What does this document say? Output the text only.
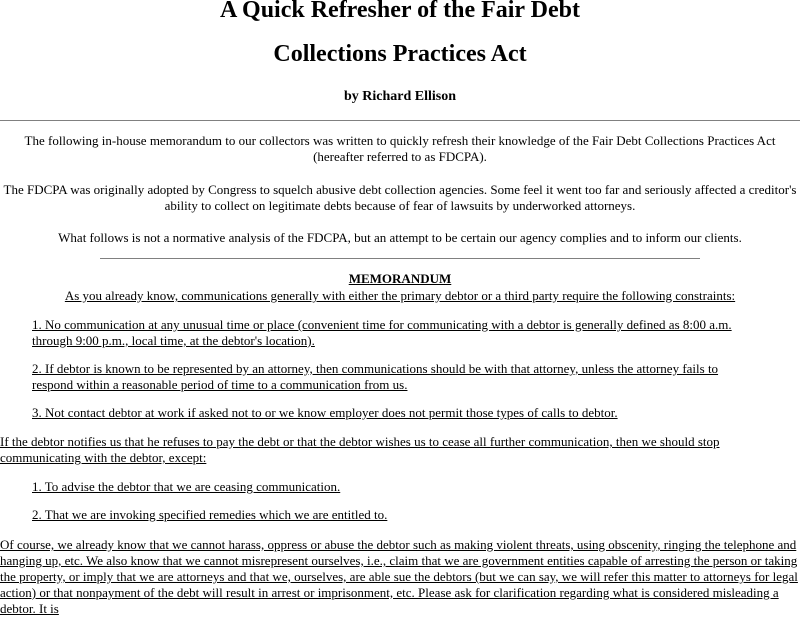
A Quick Refresher of the Fair Debt
Collections Practices Act
by Richard Ellison

The following in-house memorandum to our collectors was written to quickly refresh their knowledge of the Fair Debt Collections Practices Act (hereafter referred to as FDCPA).

The FDCPA was originally adopted by Congress to squelch abusive debt collection agencies. Some feel it went too far and seriously affected a creditor's ability to collect on legitimate debts because of fear of lawsuits by underworked attorneys.

What follows is not a normative analysis of the FDCPA, but an attempt to be certain our agency complies and to inform our clients.

MEMORANDUM
As you already know, communications generally with either the primary debtor or a third party require the following constraints:
1. No communication at any unusual time or place (convenient time for communicating with a debtor is generally defined as 8:00 a.m. through 9:00 p.m., local time, at the debtor's location).
2. If debtor is known to be represented by an attorney, then communications should be with that attorney, unless the attorney fails to respond within a reasonable period of time to a communication from us.
3. Not contact debtor at work if asked not to or we know employer does not permit those types of calls to debtor.
If the debtor notifies us that he refuses to pay the debt or that the debtor wishes us to cease all further communication, then we should stop communicating with the debtor, except:
1. To advise the debtor that we are ceasing communication.
2. That we are invoking specified remedies which we are entitled to.
Of course, we already know that we cannot harass, oppress or abuse the debtor such as making violent threats, using obscenity, ringing the telephone and hanging up, etc. We also know that we cannot misrepresent ourselves, i.e., claim that we are government entities capable of arresting the person or taking the property, or imply that we are attorneys and that we, ourselves, are able sue the debtors (but we can say, we will refer this matter to attorneys for legal action) or that nonpayment of the debt will result in arrest or imprisonment, etc. Please ask for clarification regarding what is considered misleading a debtor. It is
